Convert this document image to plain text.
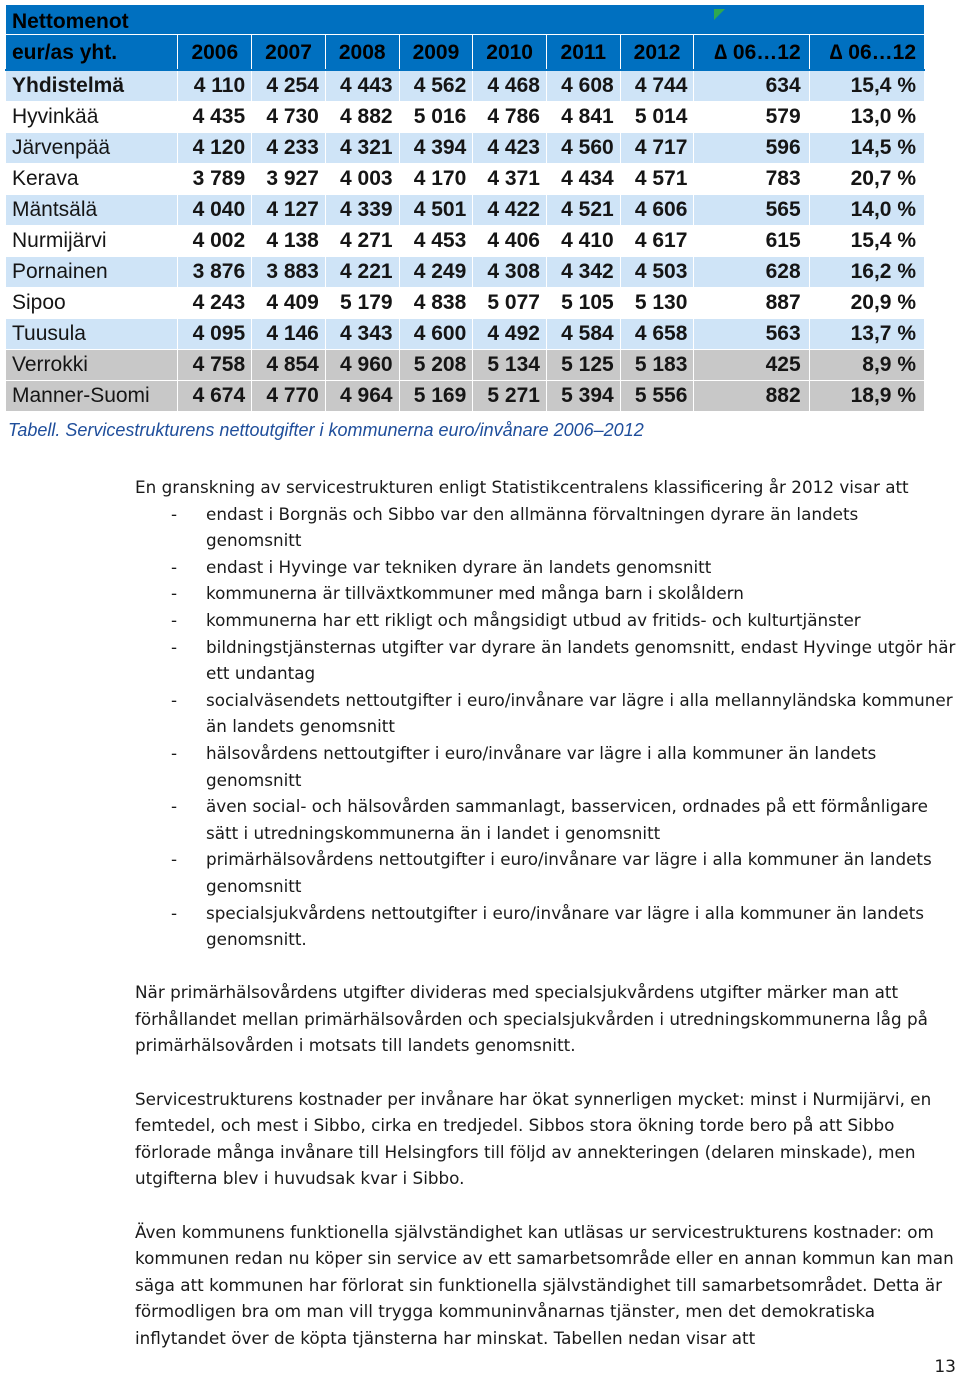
Nettomenot									
eur/as yht.	2006	2007	2008	2009	2010	2011	2012	∆ 06…12	∆ 06…12
Yhdistelmä	4 110	4 254	4 443	4 562	4 468	4 608	4 744	634	15,4 %
Hyvinkää	4 435	4 730	4 882	5 016	4 786	4 841	5 014	579	13,0 %
Järvenpää	4 120	4 233	4 321	4 394	4 423	4 560	4 717	596	14,5 %
Kerava	3 789	3 927	4 003	4 170	4 371	4 434	4 571	783	20,7 %
Mäntsälä	4 040	4 127	4 339	4 501	4 422	4 521	4 606	565	14,0 %
Nurmijärvi	4 002	4 138	4 271	4 453	4 406	4 410	4 617	615	15,4 %
Pornainen	3 876	3 883	4 221	4 249	4 308	4 342	4 503	628	16,2 %
Sipoo	4 243	4 409	5 179	4 838	5 077	5 105	5 130	887	20,9 %
Tuusula	4 095	4 146	4 343	4 600	4 492	4 584	4 658	563	13,7 %
Verrokki	4 758	4 854	4 960	5 208	5 134	5 125	5 183	425	8,9 %
Manner-Suomi	4 674	4 770	4 964	5 169	5 271	5 394	5 556	882	18,9 %
Tabell. Servicestrukturens nettoutgifter i kommunerna euro/invånare 2006–2012

En granskning av servicestrukturen enligt Statistikcentralens klassificering år 2012 visar att

- endast i Borgnäs och Sibbo var den allmänna förvaltningen dyrare än landets genomsnitt
- endast i Hyvinge var tekniken dyrare än landets genomsnitt
- kommunerna är tillväxtkommuner med många barn i skolåldern
- kommunerna har ett rikligt och mångsidigt utbud av fritids- och kulturtjänster
- bildningstjänsternas utgifter var dyrare än landets genomsnitt, endast Hyvinge utgör här ett undantag
- socialväsendets nettoutgifter i euro/invånare var lägre i alla mellannyländska kommuner än landets genomsnitt
- hälsovårdens nettoutgifter i euro/invånare var lägre i alla kommuner än landets genomsnitt
- även social- och hälsovården sammanlagt, basservicen, ordnades på ett förmånligare sätt i utredningskommunerna än i landet i genomsnitt
- primärhälsovårdens nettoutgifter i euro/invånare var lägre i alla kommuner än landets genomsnitt
- specialsjukvårdens nettoutgifter i euro/invånare var lägre i alla kommuner än landets genomsnitt.

När primärhälsovårdens utgifter divideras med specialsjukvårdens utgifter märker man att förhållandet mellan primärhälsovården och specialsjukvården i utredningskommunerna låg på primärhälsovården i motsats till landets genomsnitt.

Servicestrukturens kostnader per invånare har ökat synnerligen mycket: minst i Nurmijärvi, en femtedel, och mest i Sibbo, cirka en tredjedel. Sibbos stora ökning torde bero på att Sibbo förlorade många invånare till Helsingfors till följd av annekteringen (delaren minskade), men utgifterna blev i huvudsak kvar i Sibbo.

Även kommunens funktionella självständighet kan utläsas ur servicestrukturens kostnader: om kommunen redan nu köper sin service av ett samarbetsområde eller en annan kommun kan man säga att kommunen har förlorat sin funktionella självständighet till samarbetsområdet. Detta är förmodligen bra om man vill trygga kommuninvånarnas tjänster, men det demokratiska inflytandet över de köpta tjänsterna har minskat. Tabellen nedan visar att

13
